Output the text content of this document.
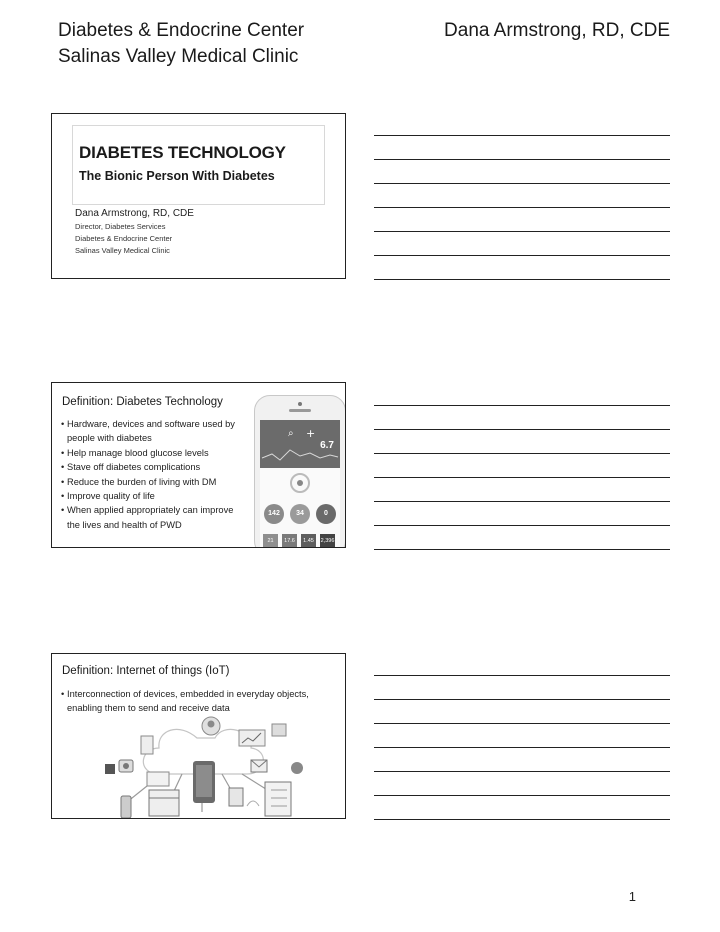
Diabetes & Endocrine Center
Salinas Valley Medical Clinic
Dana Armstrong, RD, CDE
DIABETES TECHNOLOGY
The Bionic Person With Diabetes
Dana Armstrong, RD, CDE
Director, Diabetes Services
Diabetes & Endocrine Center
Salinas Valley Medical Clinic
Definition: Diabetes Technology
• Hardware, devices and software used by people with diabetes
• Help manage blood glucose levels
• Stave off diabetes complications
• Reduce the burden of living with DM
• Improve quality of life
• When applied appropriately can improve the lives and health of PWD
⌕ +
6.7
142	34	0
21	17.6	1.45	2,396
Definition: Internet of things (IoT)
• Interconnection of devices, embedded in everyday objects, enabling them to send and receive data
1
